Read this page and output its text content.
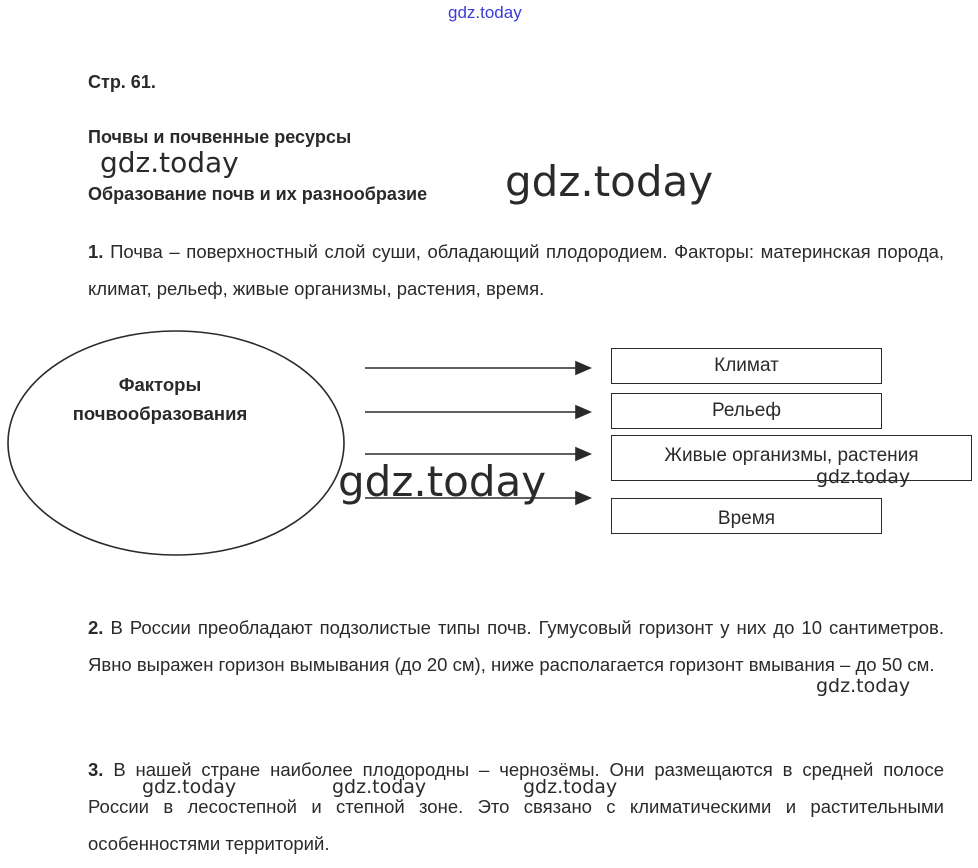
gdz.today
Стр. 61.
Почвы и почвенные ресурсы
gdz.today
Образование почв и их разнообразие gdz.today
1. Почва – поверхностный слой суши, обладающий плодородием. Факторы: материнская порода, климат, рельеф, живые организмы, растения, время.
Факторы почвообразования
Климат
Рельеф
Живые организмы, растения
Время
gdz.today	gdz.today
2. В России преобладают подзолистые типы почв. Гумусовый горизонт у них до 10 сантиметров. Явно выражен горизон вымывания (до 20 см), ниже располагается горизонт вмывания – до 50 см.
gdz.today
3. В нашей стране наиболее плодородны – чернозёмы. Они размещаются в средней полосе России в лесостепной и степной зоне. Это связано с климатическими и растительными особенностями территорий.
gdz.today	gdz.today	gdz.today
